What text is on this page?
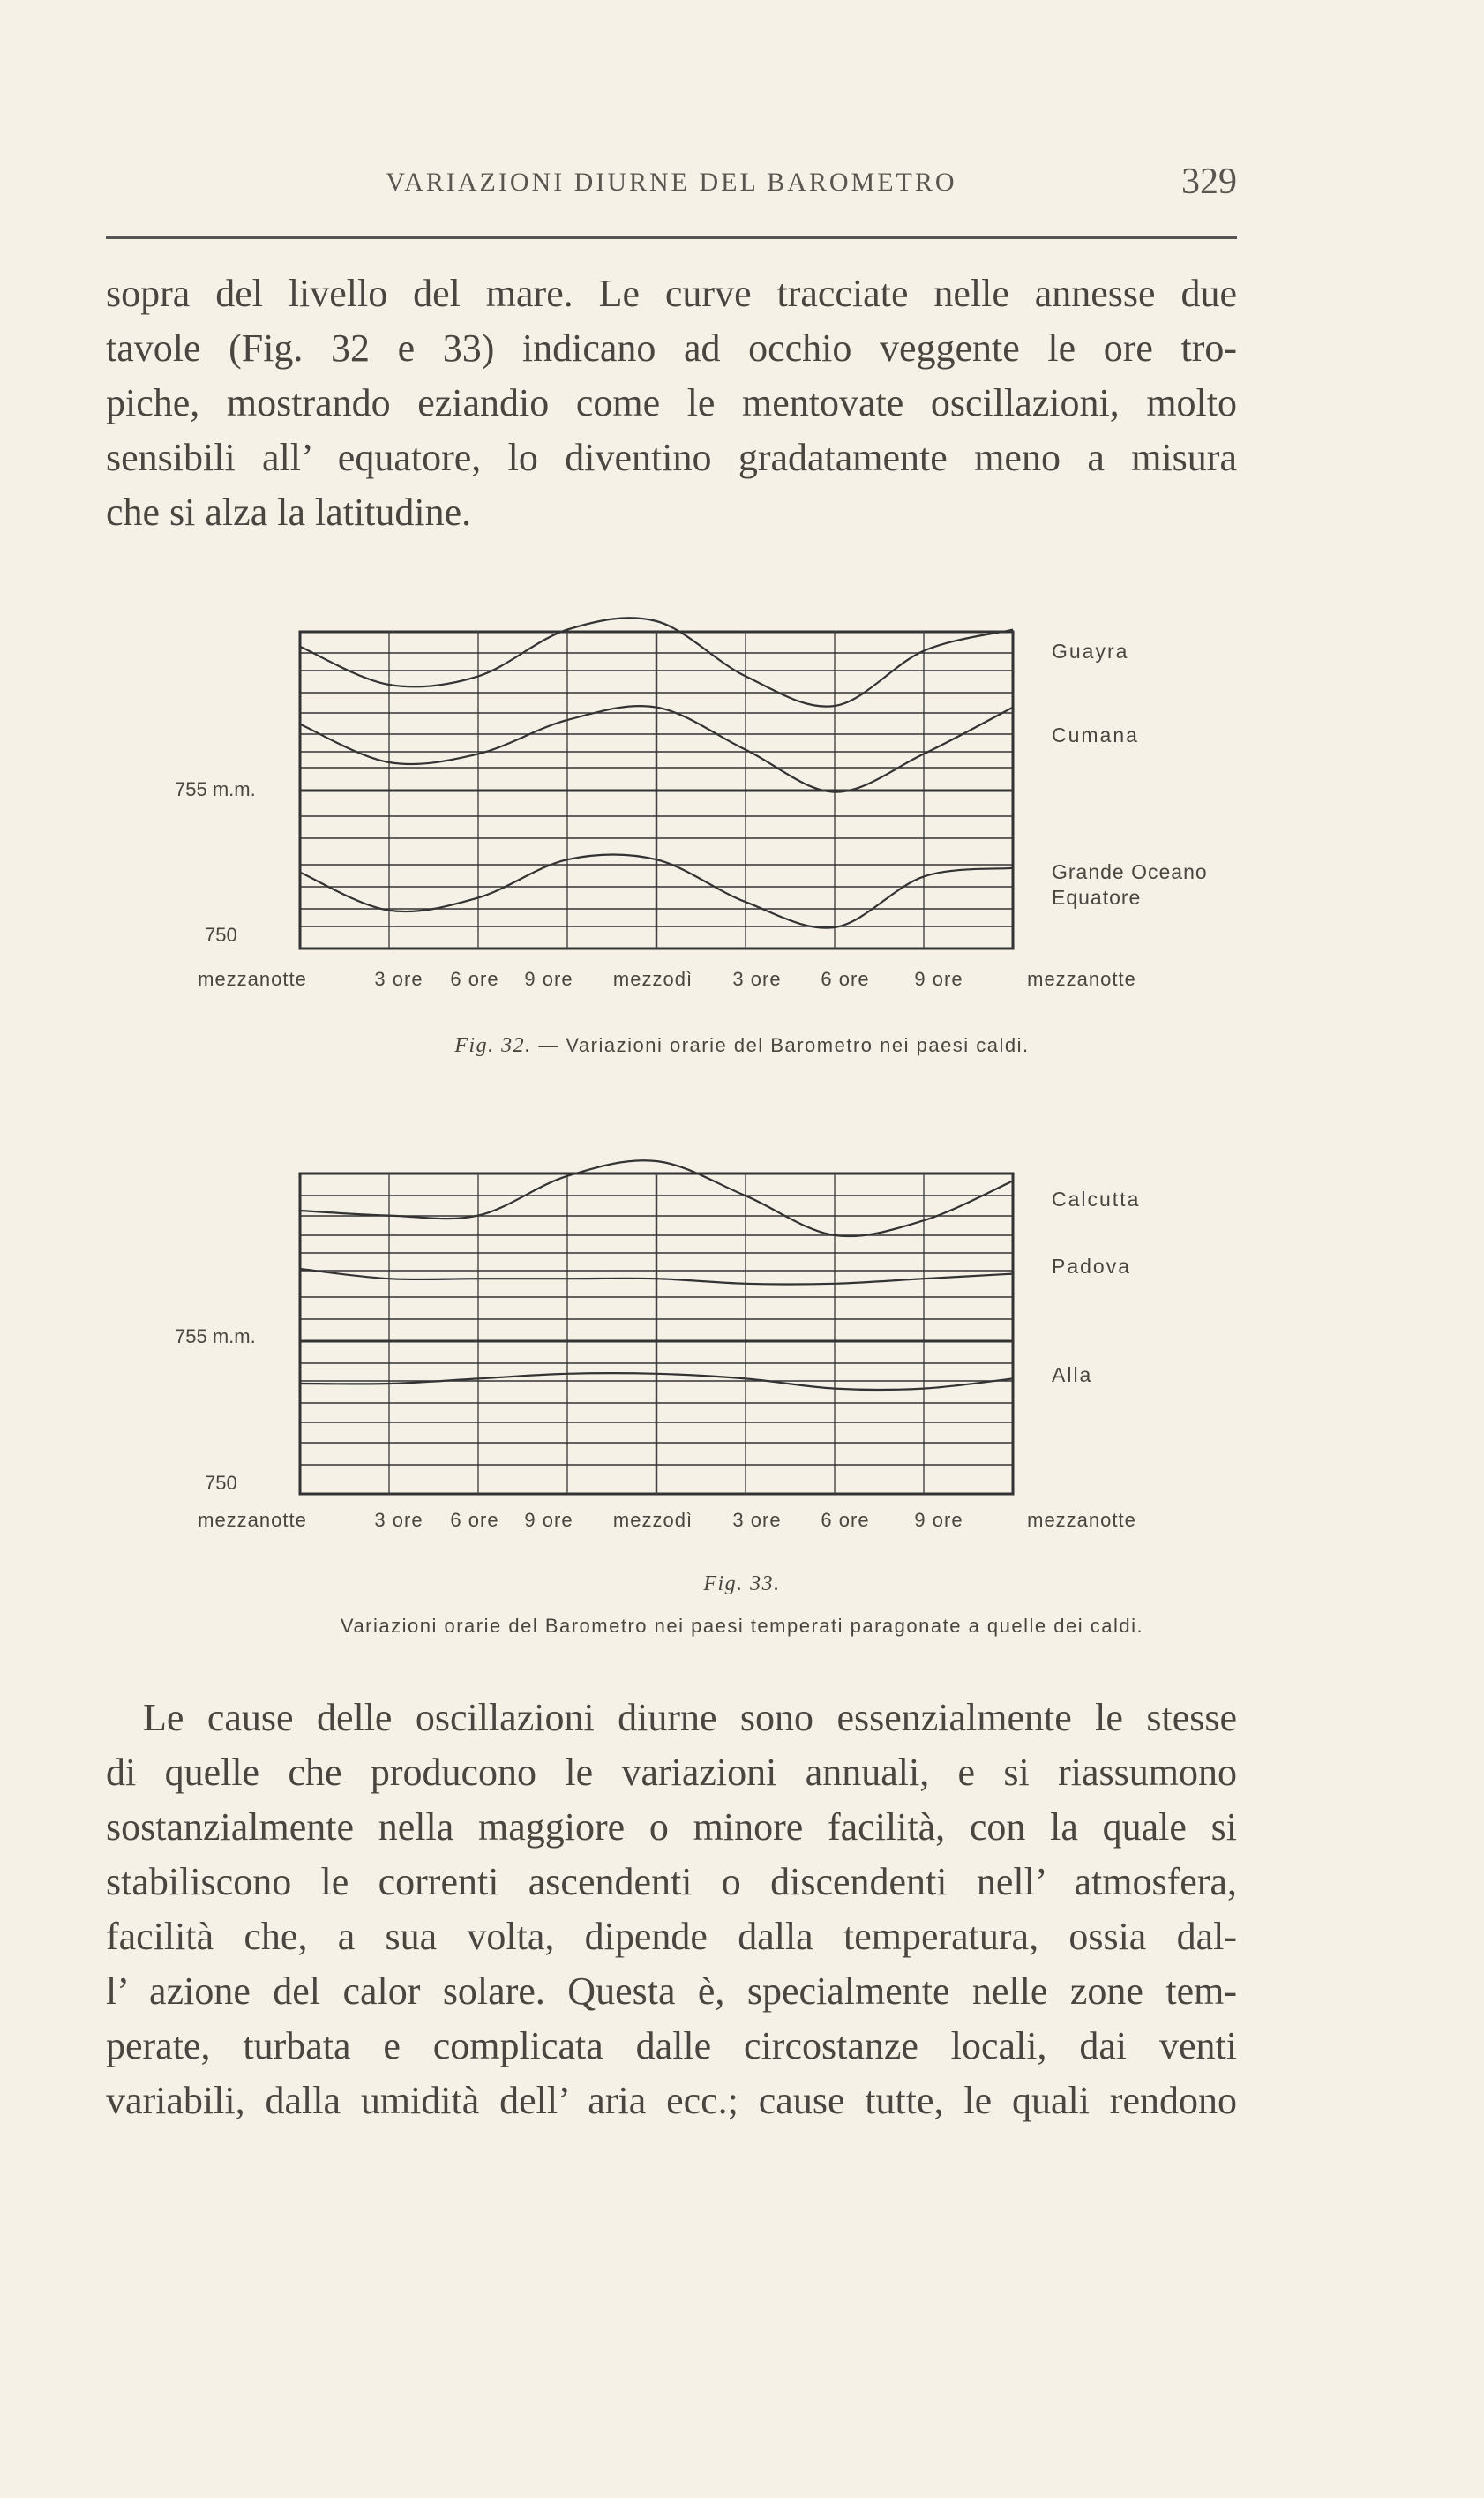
VARIAZIONI DIURNE DEL BAROMETRO	329
sopra del livello del mare. Le curve tracciate nelle annesse due
tavole (Fig. 32 e 33) indicano ad occhio veggente le ore tro-
piche, mostrando eziandio come le mentovate oscillazioni, molto
sensibili all’ equatore, lo diventino gradatamente meno a misura
che si alza la latitudine.
755 m.m.
750
Guayra
Cumana
Grande Oceano
Equatore
mezzanotte	3 ore 6 ore 9 ore mezzodì 3 ore 6 ore 9 ore	mezzanotte
Fig. 32. — Variazioni orarie del Barometro nei paesi caldi.
755 m.m.
750
Calcutta
Padova
Alla
mezzanotte	3 ore 6 ore 9 ore mezzodì 3 ore 6 ore 9 ore	mezzanotte
Fig. 33.
Variazioni orarie del Barometro nei paesi temperati paragonate a quelle dei caldi.
Le cause delle oscillazioni diurne sono essenzialmente le stesse
di quelle che producono le variazioni annuali, e si riassumono
sostanzialmente nella maggiore o minore facilità, con la quale si
stabiliscono le correnti ascendenti o discendenti nell’ atmosfera,
facilità che, a sua volta, dipende dalla temperatura, ossia dal-
l’ azione del calor solare. Questa è, specialmente nelle zone tem-
perate, turbata e complicata dalle circostanze locali, dai venti
variabili, dalla umidità dell’ aria ecc.; cause tutte, le quali rendono
